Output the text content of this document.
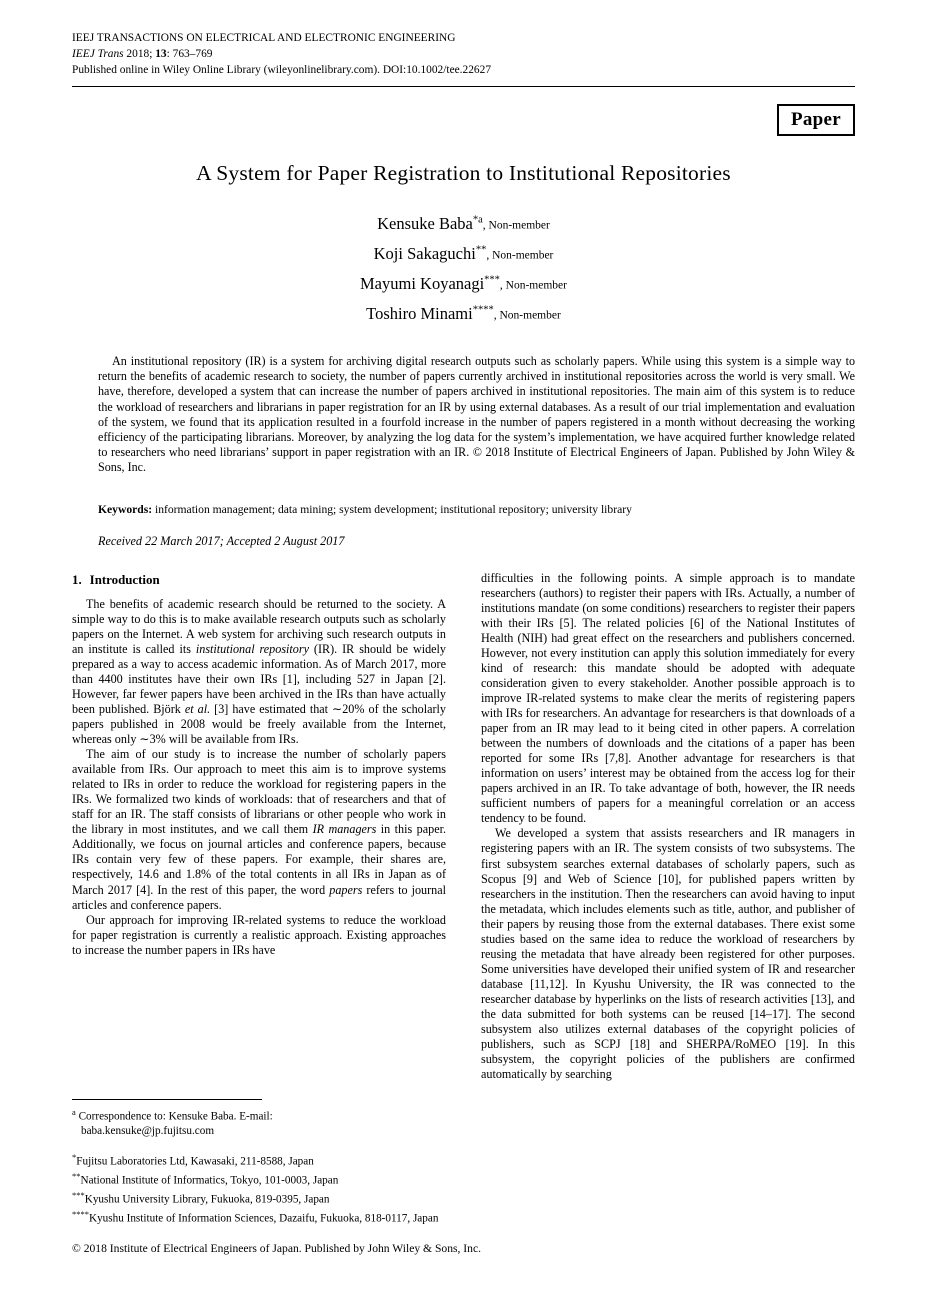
IEEJ TRANSACTIONS ON ELECTRICAL AND ELECTRONIC ENGINEERING
IEEJ Trans 2018; 13: 763–769
Published online in Wiley Online Library (wileyonlinelibrary.com). DOI:10.1002/tee.22627
Paper
A System for Paper Registration to Institutional Repositories
Kensuke Baba$^{*a}$, Non-member
Koji Sakaguchi**, Non-member
Mayumi Koyanagi***, Non-member
Toshiro Minami****, Non-member
An institutional repository (IR) is a system for archiving digital research outputs such as scholarly papers. While using this system is a simple way to return the benefits of academic research to society, the number of papers currently archived in institutional repositories across the world is very small. We have, therefore, developed a system that can increase the number of papers archived in institutional repositories. The main aim of this system is to reduce the workload of researchers and librarians in paper registration for an IR by using external databases. As a result of our trial implementation and evaluation of the system, we found that its application resulted in a fourfold increase in the number of papers registered in a month without decreasing the working efficiency of the participating librarians. Moreover, by analyzing the log data for the system’s implementation, we have acquired further knowledge related to researchers who need librarians’ support in paper registration with an IR. © 2018 Institute of Electrical Engineers of Japan. Published by John Wiley & Sons, Inc.
Keywords: information management; data mining; system development; institutional repository; university library
Received 22 March 2017; Accepted 2 August 2017
1. Introduction

The benefits of academic research should be returned to the society. A simple way to do this is to make available research outputs such as scholarly papers on the Internet. A web system for archiving such research outputs in an institute is called its institutional repository (IR). IR should be widely prepared as a way to access academic information. As of March 2017, more than 4400 institutes have their own IRs [1], including 527 in Japan [2]. However, far fewer papers have been archived in the IRs than have actually been published. Björk et al. [3] have estimated that ∼20% of the scholarly papers published in 2008 would be freely available from the Internet, whereas only ∼3% will be available from IRs.

The aim of our study is to increase the number of scholarly papers available from IRs. Our approach to meet this aim is to improve systems related to IRs in order to reduce the workload for registering papers in the IRs. We formalized two kinds of workloads: that of researchers and that of staff for an IR. The staff consists of librarians or other people who work in the library in most institutes, and we call them IR managers in this paper. Additionally, we focus on journal articles and conference papers, because IRs contain very few of these papers. For example, their shares are, respectively, 14.6 and 1.8% of the total contents in all IRs in Japan as of March 2017 [4]. In the rest of this paper, the word papers refers to journal articles and conference papers.

Our approach for improving IR-related systems to reduce the workload for paper registration is currently a realistic approach. Existing approaches to increase the number papers in IRs have

$^a$ Correspondence to: Kensuke Baba. E-mail:
baba.kensuke@jp.fujitsu.com
*Fujitsu Laboratories Ltd, Kawasaki, 211-8588, Japan
**National Institute of Informatics, Tokyo, 101-0003, Japan
***Kyushu University Library, Fukuoka, 819-0395, Japan
****Kyushu Institute of Information Sciences, Dazaifu, Fukuoka, 818-0117, Japan

difficulties in the following points. A simple approach is to mandate researchers (authors) to register their papers with IRs. Actually, a number of institutions mandate (on some conditions) researchers to register their papers with their IRs [5]. The related policies [6] of the National Institutes of Health (NIH) had great effect on the researchers and publishers concerned. However, not every institution can apply this solution immediately for every kind of research: this mandate should be adopted with adequate consideration given to every stakeholder. Another possible approach is to improve IR-related systems to make clear the merits of registering papers with IRs for researchers. An advantage for researchers is that downloads of a paper from an IR may lead to it being cited in other papers. A correlation between the numbers of downloads and the citations of a paper has been reported for some IRs [7,8]. Another advantage for researchers is that information on users’ interest may be obtained from the access log for their papers archived in an IR. To take advantage of both, however, the IR needs sufficient numbers of papers for a meaningful correlation or an access tendency to be found.

We developed a system that assists researchers and IR managers in registering papers with an IR. The system consists of two subsystems. The first subsystem searches external databases of scholarly papers, such as Scopus [9] and Web of Science [10], for published papers written by researchers in the institution. Then the researchers can avoid having to input the metadata, which includes elements such as title, author, and publisher of their papers by reusing those from the external databases. There exist some studies based on the same idea to reduce the workload of researchers by reusing the metadata that have already been registered for other purposes. Some universities have developed their unified system of IR and researcher database [11,12]. In Kyushu University, the IR was connected to the researcher database by hyperlinks on the lists of research activities [13], and the data submitted for both systems can be reused [14–17]. The second subsystem also utilizes external databases of the copyright policies of publishers, such as SCPJ [18] and SHERPA/RoMEO [19]. In this subsystem, the copyright policies of the publishers are confirmed automatically by searching

© 2018 Institute of Electrical Engineers of Japan. Published by John Wiley & Sons, Inc.
